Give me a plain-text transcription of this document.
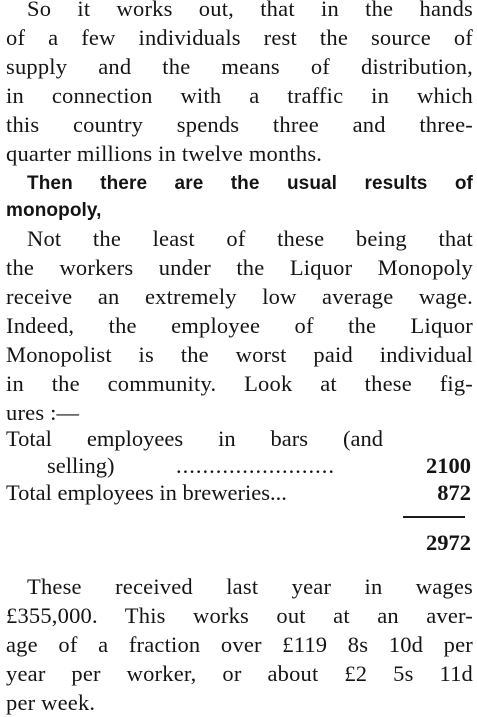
So it works out, that in the hands
of a few individuals rest the source of
supply and the means of distribution,
in connection with a traffic in which
this country spends three and three-
quarter millions in twelve months.
Then there are the usual results of
monopoly,
Not the least of these being that
the workers under the Liquor Monopoly
receive an extremely low average wage.
Indeed, the employee of the Liquor
Monopolist is the worst paid individual
in the community. Look at these fig-
ures :—
Total employees in bars (and
selling)	........................	2100
Total employees in breweries...	872
2972
These received last year in wages
£355,000. This works out at an aver-
age of a fraction over £119 8s 10d per
year per worker, or about £2 5s 11d
per week.
